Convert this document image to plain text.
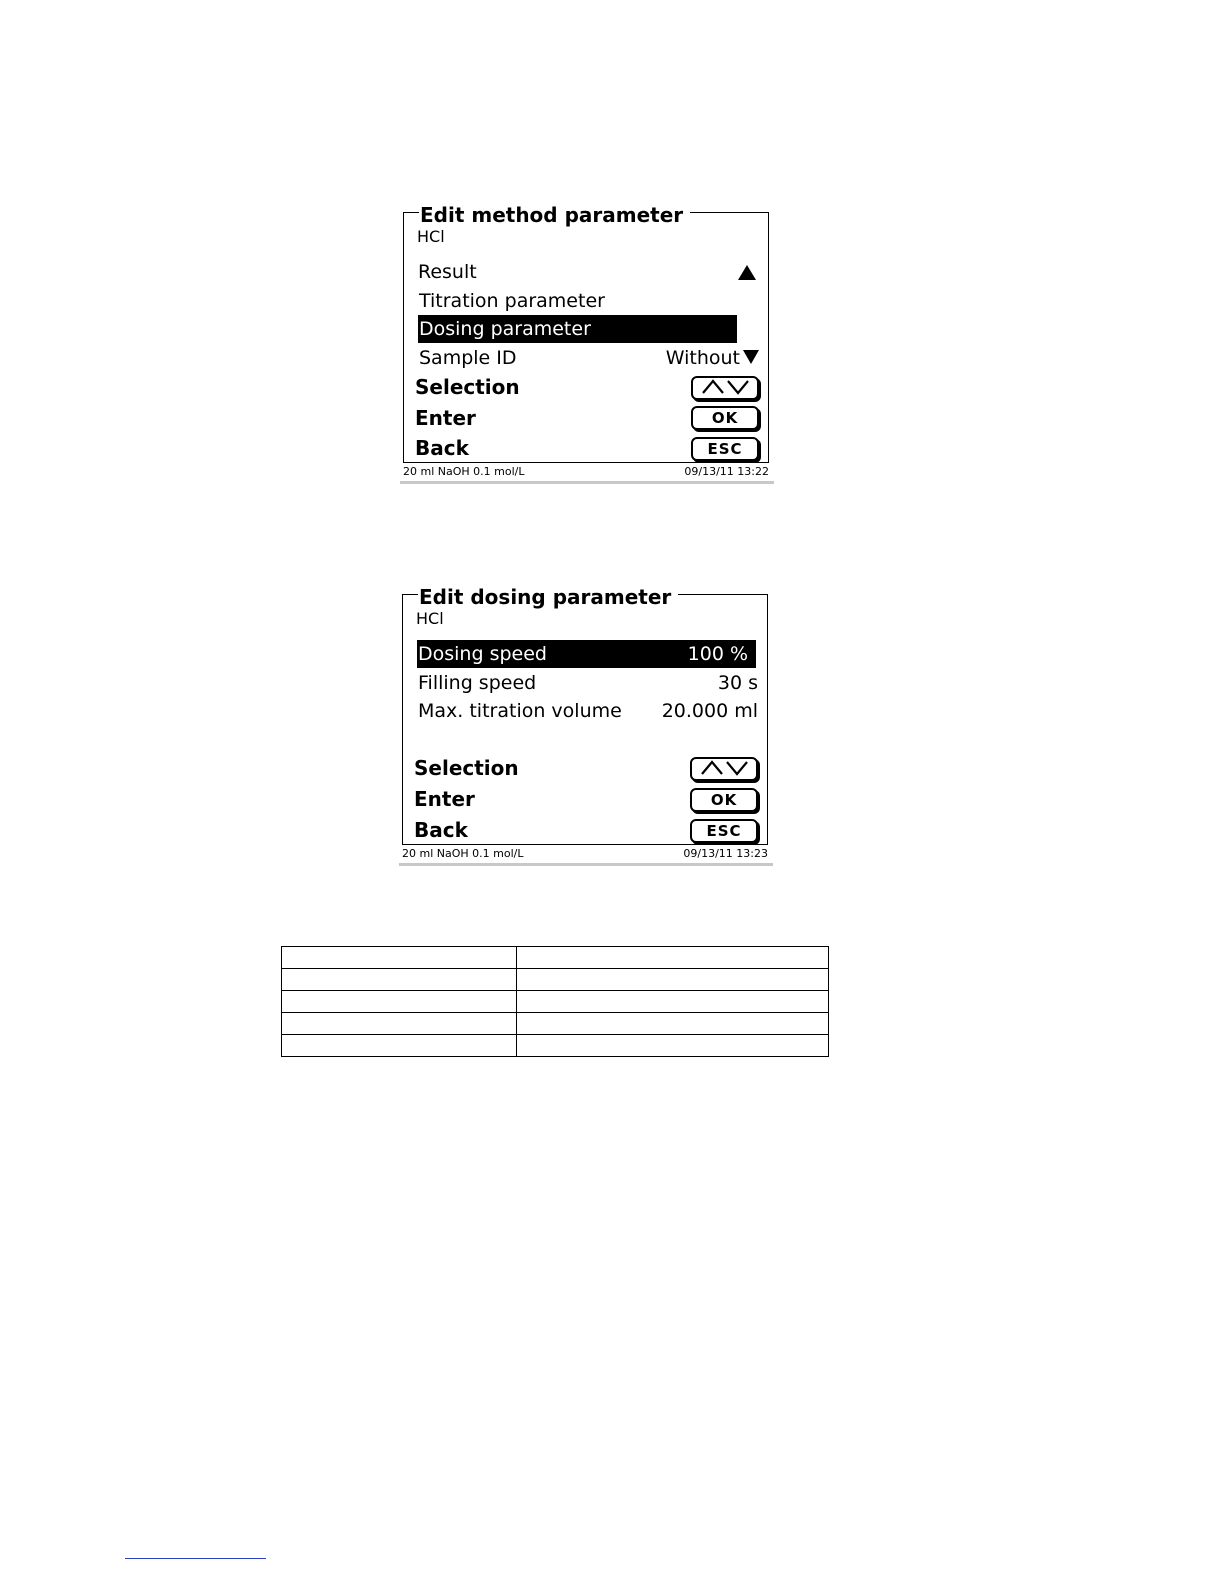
Edit method parameter
HCl
Result
Titration parameter
Dosing parameter
Sample ID	Without
Selection
Enter	OK
Back	ESC
20 ml NaOH 0.1 mol/L	09/13/11 13:22
Edit dosing parameter
HCl
Dosing speed	100 %
Filling speed	30 s
Max. titration volume 20.000 ml
Selection
Enter	OK
Back	ESC
20 ml NaOH 0.1 mol/L	09/13/11 13:23
